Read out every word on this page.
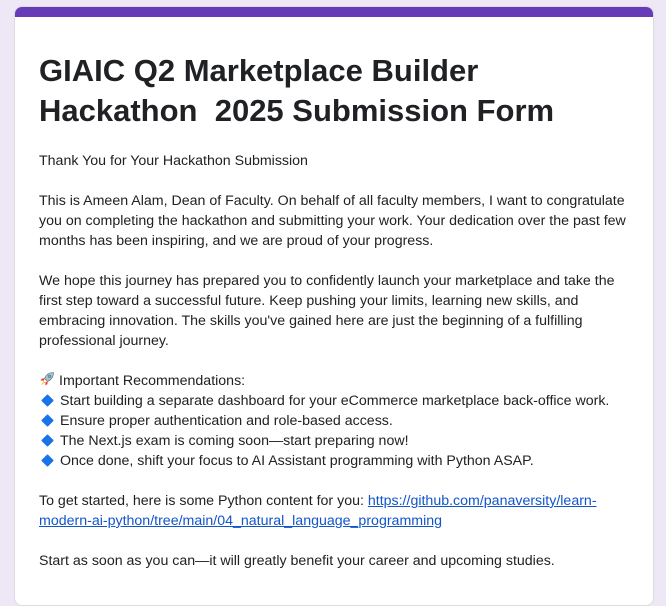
GIAIC Q2 Marketplace Builder
Hackathon  2025 Submission Form

Thank You for Your Hackathon Submission

This is Ameen Alam, Dean of Faculty. On behalf of all faculty members, I want to congratulate you on completing the hackathon and submitting your work. Your dedication over the past few months has been inspiring, and we are proud of your progress.

We hope this journey has prepared you to confidently launch your marketplace and take the first step toward a successful future. Keep pushing your limits, learning new skills, and embracing innovation. The skills you've gained here are just the beginning of a fulfilling professional journey.

Important Recommendations:
Start building a separate dashboard for your eCommerce marketplace back-office work.
Ensure proper authentication and role-based access.
The Next.js exam is coming soon—start preparing now!
Once done, shift your focus to AI Assistant programming with Python ASAP.

To get started, here is some Python content for you: https://github.com/panaversity/learn-modern-ai-python/tree/main/04_natural_language_programming

Start as soon as you can—it will greatly benefit your career and upcoming studies.
